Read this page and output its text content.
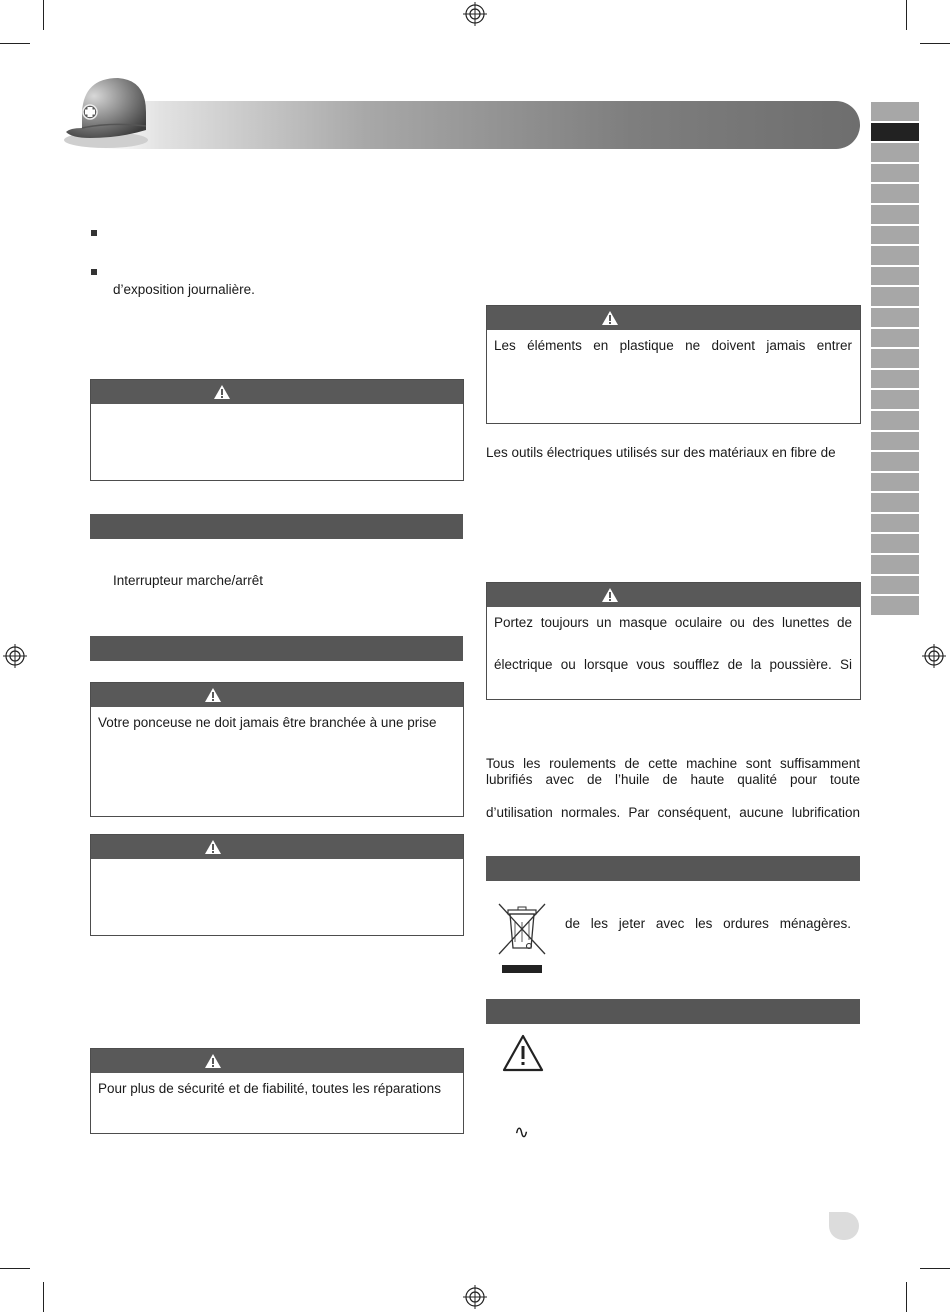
d’exposition journalière.
Interrupteur marche/arrêt
Votre ponceuse ne doit jamais être branchée à une prise
Pour plus de sécurité et de fiabilité, toutes les réparations
Les éléments en plastique ne doivent jamais entrer
Les outils électriques utilisés sur des matériaux en fibre de
Portez toujours un masque oculaire ou des lunettes de
électrique ou lorsque vous soufflez de la poussière. Si
Tous les roulements de cette machine sont suffisamment
lubrifiés avec de l’huile de haute qualité pour toute
d’utilisation normales. Par conséquent, aucune lubrification
de les jeter avec les ordures ménagères.
∿
